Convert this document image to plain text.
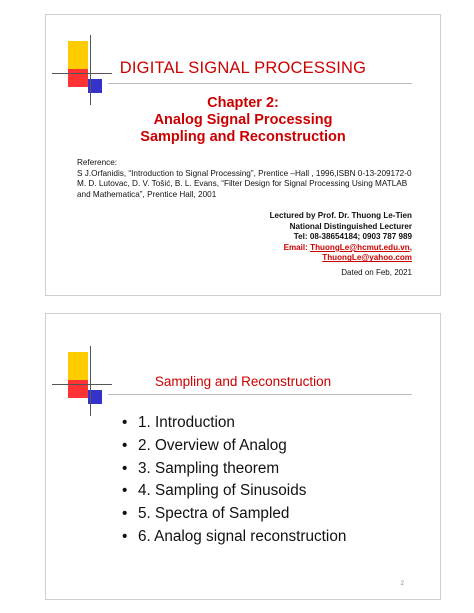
DIGITAL SIGNAL PROCESSING
Chapter 2:
Analog Signal Processing
Sampling and Reconstruction
Reference:
S J.Orfanidis, “Introduction to Signal Processing”, Prentice –Hall , 1996,ISBN 0-13-209172-0
M. D. Lutovac, D. V. Tošić, B. L. Evans, “Filter Design for Signal Processing Using MATLAB
and Mathematica”, Prentice Hall, 2001
Lectured by Prof. Dr. Thuong Le-Tien
National Distinguished Lecturer
Tel: 08-38654184; 0903 787 989
Email: ThuongLe@hcmut.edu.vn,
ThuongLe@yahoo.com
Dated on Feb, 2021
Sampling and Reconstruction
• 1. Introduction
• 2. Overview of Analog
• 3. Sampling theorem
• 4. Sampling of Sinusoids
• 5. Spectra of Sampled
• 6. Analog signal reconstruction
2
